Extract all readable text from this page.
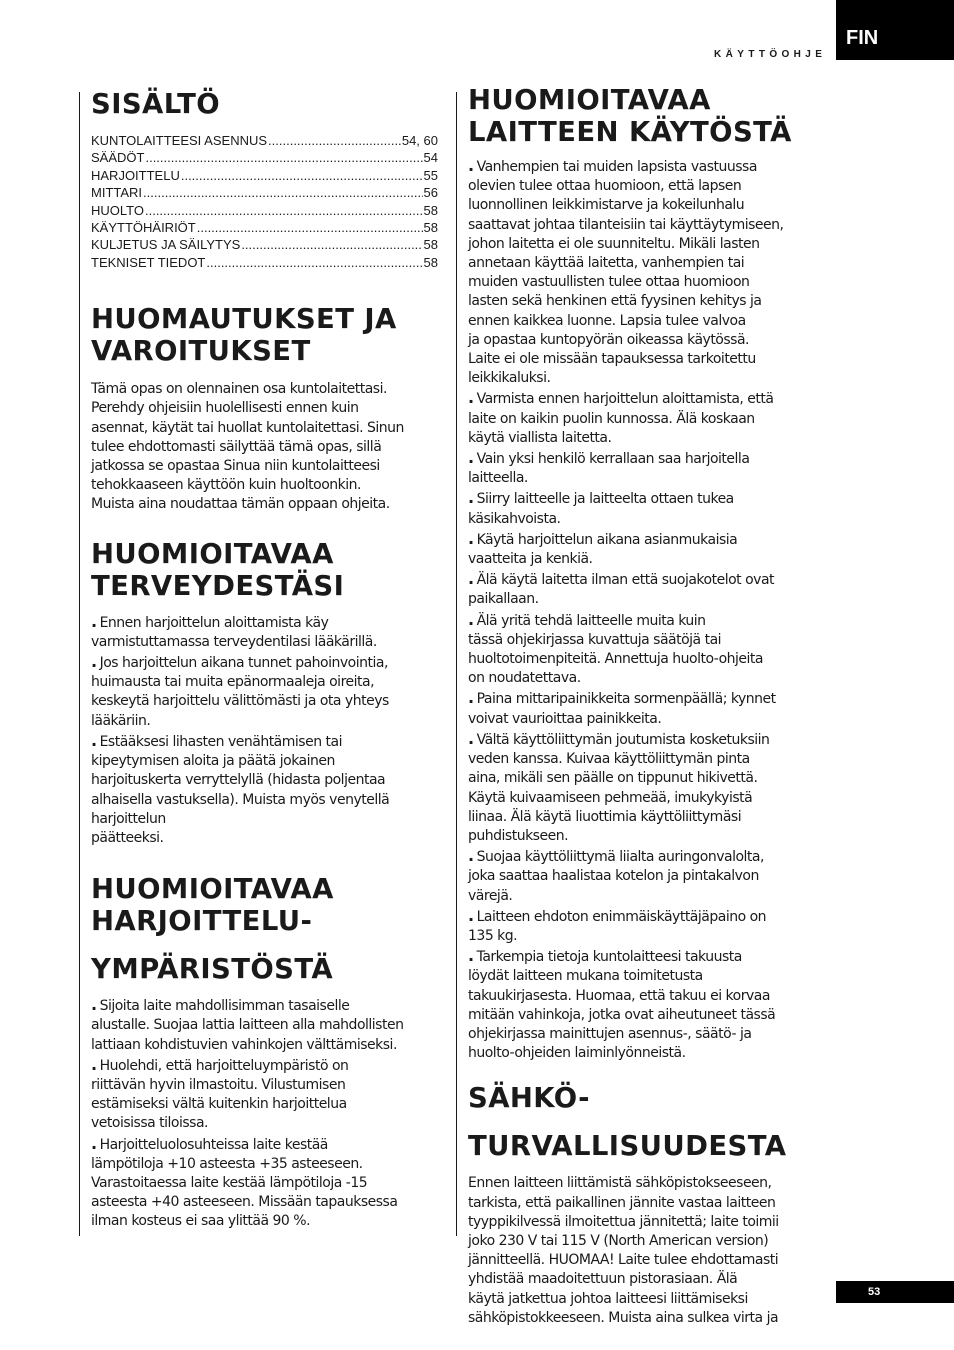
FIN
KÄYTTÖOHJE
SISÄLTÖ
KUNTOLAITTEESI ASENNUS .....	54, 60
SÄÄDÖT .....	54
HARJOITTELU .....	55
MITTARI .....	56
HUOLTO .....	58
KÄYTTÖHÄIRIÖT .....	58
KULJETUS JA SÄILYTYS .....	58
TEKNISET TIEDOT .....	58
HUOMAUTUKSET JA
VAROITUKSET

Tämä opas on olennainen osa kuntolaitettasi.

Perehdy ohjeisiin huolellisesti ennen kuin

asennat, käytät tai huollat kuntolaitettasi. Sinun

tulee ehdottomasti säilyttää tämä opas, sillä

jatkossa se opastaa Sinua niin kuntolaitteesi

tehokkaaseen käyttöön kuin huoltoonkin.

Muista aina noudattaa tämän oppaan ohjeita.

HUOMIOITAVAA
TERVEYDESTÄSI

. Ennen harjoittelun aloittamista käy

varmistuttamassa terveydentilasi lääkärillä.

. Jos harjoittelun aikana tunnet pahoinvointia,

huimausta tai muita epänormaaleja oireita,

keskeytä harjoittelu välittömästi ja ota yhteys

lääkäriin.

. Estääksesi lihasten venähtämisen tai

kipeytymisen aloita ja päätä jokainen

harjoituskerta verryttelyllä (hidasta poljentaa

alhaisella vastuksella). Muista myös venytellä

harjoittelun

päätteeksi.

HUOMIOITAVAA
HARJOITTELU-
YMPÄRISTÖSTÄ

. Sijoita laite mahdollisimman tasaiselle

alustalle. Suojaa lattia laitteen alla mahdollisten

lattiaan kohdistuvien vahinkojen välttämiseksi.

. Huolehdi, että harjoitteluympäristö on

riittävän hyvin ilmastoitu. Vilustumisen

estämiseksi vältä kuitenkin harjoittelua

vetoisissa tiloissa.

. Harjoitteluolosuhteissa laite kestää

lämpötiloja +10 asteesta +35 asteeseen.

Varastoitaessa laite kestää lämpötiloja -15

asteesta +40 asteeseen. Missään tapauksessa

ilman kosteus ei saa ylittää 90 %.

HUOMIOITAVAA
LAITTEEN KÄYTÖSTÄ

. Vanhempien tai muiden lapsista vastuussa

olevien tulee ottaa huomioon, että lapsen

luonnollinen leikkimistarve ja kokeilunhalu

saattavat johtaa tilanteisiin tai käyttäytymiseen,

johon laitetta ei ole suunniteltu. Mikäli lasten

annetaan käyttää laitetta, vanhempien tai

muiden vastuullisten tulee ottaa huomioon

lasten sekä henkinen että fyysinen kehitys ja

ennen kaikkea luonne. Lapsia tulee valvoa

ja opastaa kuntopyörän oikeassa käytössä.

Laite ei ole missään tapauksessa tarkoitettu

leikkikaluksi.

. Varmista ennen harjoittelun aloittamista, että

laite on kaikin puolin kunnossa. Älä koskaan

käytä viallista laitetta.

. Vain yksi henkilö kerrallaan saa harjoitella

laitteella.

. Siirry laitteelle ja laitteelta ottaen tukea

käsikahvoista.

. Käytä harjoittelun aikana asianmukaisia

vaatteita ja kenkiä.

. Älä käytä laitetta ilman että suojakotelot ovat

paikallaan.

. Älä yritä tehdä laitteelle muita kuin

tässä ohjekirjassa kuvattuja säätöjä tai

huoltotoimenpiteitä. Annettuja huolto-ohjeita

on noudatettava.

. Paina mittaripainikkeita sormenpäällä; kynnet

voivat vaurioittaa painikkeita.

. Vältä käyttöliittymän joutumista kosketuksiin

veden kanssa. Kuivaa käyttöliittymän pinta

aina, mikäli sen päälle on tippunut hikivettä.

Käytä kuivaamiseen pehmeää, imukykyistä

liinaa. Älä käytä liuottimia käyttöliittymäsi

puhdistukseen.

. Suojaa käyttöliittymä liialta auringonvalolta,

joka saattaa haalistaa kotelon ja pintakalvon

värejä.

. Laitteen ehdoton enimmäiskäyttäjäpaino on

135 kg.

. Tarkempia tietoja kuntolaitteesi takuusta

löydät laitteen mukana toimitetusta

takuukirjasesta. Huomaa, että takuu ei korvaa

mitään vahinkoja, jotka ovat aiheutuneet tässä

ohjekirjassa mainittujen asennus-, säätö- ja

huolto-ohjeiden laiminlyönneistä.

SÄHKÖ-
TURVALLISUUDESTA

Ennen laitteen liittämistä sähköpistokseeseen,

tarkista, että paikallinen jännite vastaa laitteen

tyyppikilvessä ilmoitettua jännitettä; laite toimii

joko 230 V tai 115 V (North American version)

jännitteellä. HUOMAA! Laite tulee ehdottamasti

yhdistää maadoitettuun pistorasiaan. Älä

käytä jatkettua johtoa laitteesi liittämiseksi

sähköpistokkeeseen. Muista aina sulkea virta ja

53
